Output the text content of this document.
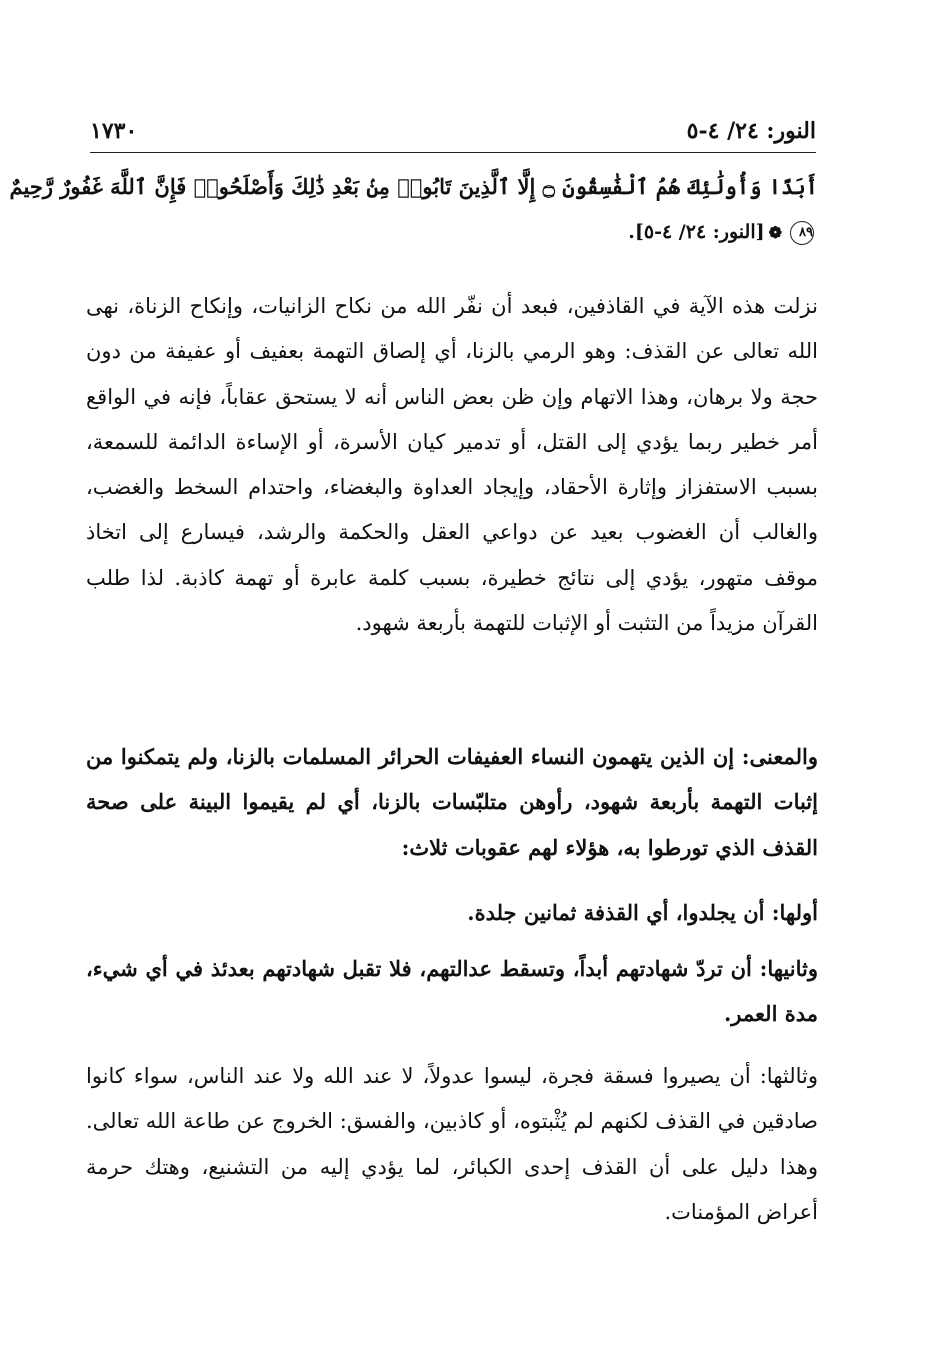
النور: ٢٤/ ٤-٥
١٧٣٠
أَبَدًا وَأُولَٰئِكَ هُمُ ٱلْفَٰسِقُونَ ۝ إِلَّا ٱلَّذِينَ تَابُوا۟ مِنۢ بَعْدِ ذَٰلِكَ وَأَصْلَحُوا۟ فَإِنَّ ٱللَّهَ غَفُورٌ رَّحِيمٌ
٨٩❁[النور: ٢٤/ ٤-٥].

نزلت هذه الآية في القاذفين، فبعد أن نفّر الله من نكاح الزانيات، وإنكاح الزناة، نهى الله تعالى عن القذف: وهو الرمي بالزنا، أي إلصاق التهمة بعفيف أو عفيفة من دون حجة ولا برهان، وهذا الاتهام وإن ظن بعض الناس أنه لا يستحق عقاباً، فإنه في الواقع أمر خطير ربما يؤدي إلى القتل، أو تدمير كيان الأسرة، أو الإساءة الدائمة للسمعة، بسبب الاستفزاز وإثارة الأحقاد، وإيجاد العداوة والبغضاء، واحتدام السخط والغضب، والغالب أن الغضوب بعيد عن دواعي العقل والحكمة والرشد، فيسارع إلى اتخاذ موقف متهور، يؤدي إلى نتائج خطيرة، بسبب كلمة عابرة أو تهمة كاذبة. لذا طلب القرآن مزيداً من التثبت أو الإثبات للتهمة بأربعة شهود.

والمعنى: إن الذين يتهمون النساء العفيفات الحرائر المسلمات بالزنا، ولم يتمكنوا من إثبات التهمة بأربعة شهود، رأوهن متلبّسات بالزنا، أي لم يقيموا البينة على صحة القذف الذي تورطوا به، هؤلاء لهم عقوبات ثلاث:

أولها: أن يجلدوا، أي القذفة ثمانين جلدة.

وثانيها: أن تردّ شهادتهم أبداً، وتسقط عدالتهم، فلا تقبل شهادتهم بعدئذ في أي شيء، مدة العمر.

وثالثها: أن يصيروا فسقة فجرة، ليسوا عدولاً، لا عند الله ولا عند الناس، سواء كانوا صادقين في القذف لكنهم لم يُثْبتوه، أو كاذبين، والفسق: الخروج عن طاعة الله تعالى. وهذا دليل على أن القذف إحدى الكبائر، لما يؤدي إليه من التشنيع، وهتك حرمة أعراض المؤمنات.
